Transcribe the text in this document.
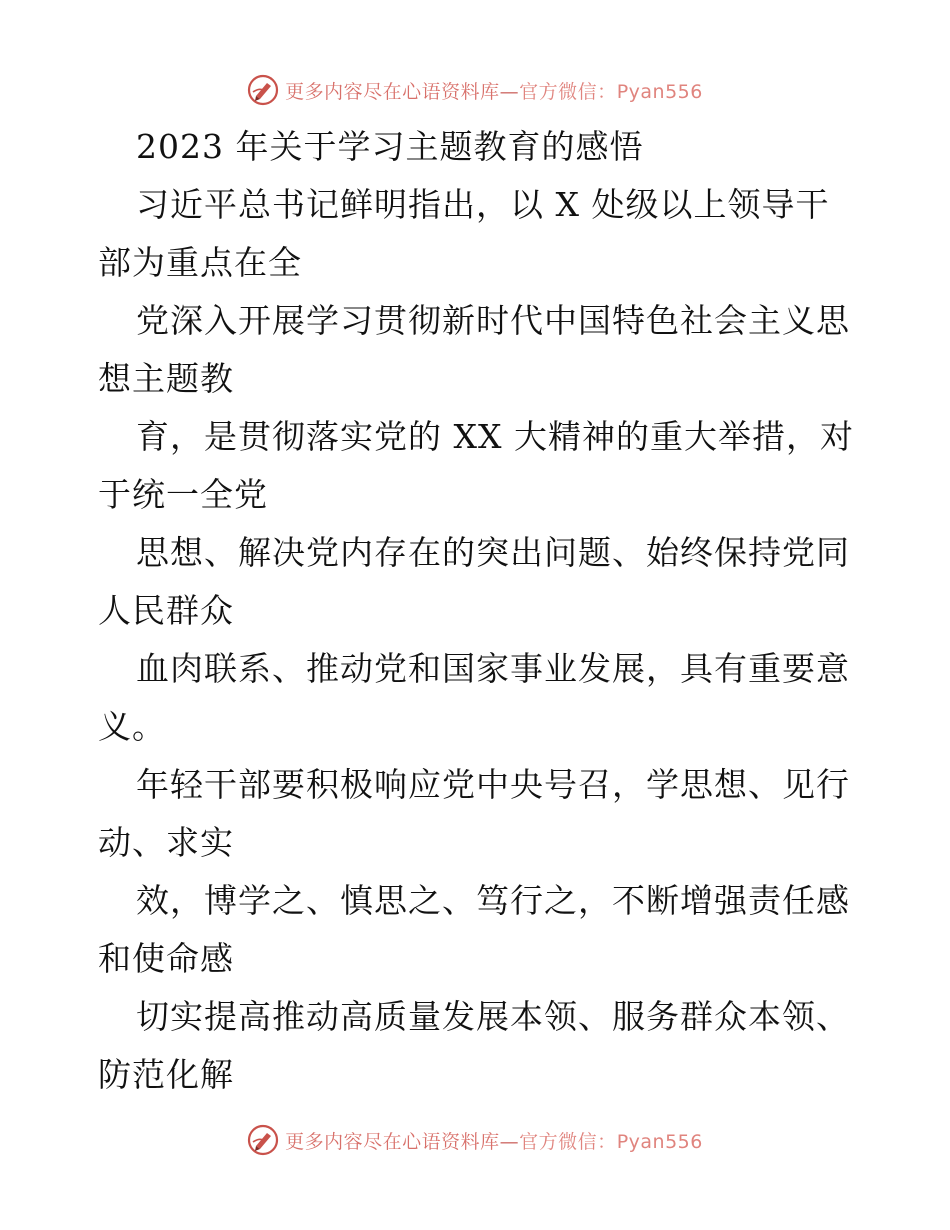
更多内容尽在心语资料库—官方微信：Pyan556
2023 年关于学习主题教育的感悟
习近平总书记鲜明指出，以 X 处级以上领导干
部为重点在全
党深入开展学习贯彻新时代中国特色社会主义思
想主题教
育，是贯彻落实党的 XX 大精神的重大举措，对
于统一全党
思想、解决党内存在的突出问题、始终保持党同
人民群众
血肉联系、推动党和国家事业发展，具有重要意
义。
年轻干部要积极响应党中央号召，学思想、见行
动、求实
效，博学之、慎思之、笃行之，不断增强责任感
和使命感
切实提高推动高质量发展本领、服务群众本领、
防范化解
更多内容尽在心语资料库—官方微信：Pyan556
